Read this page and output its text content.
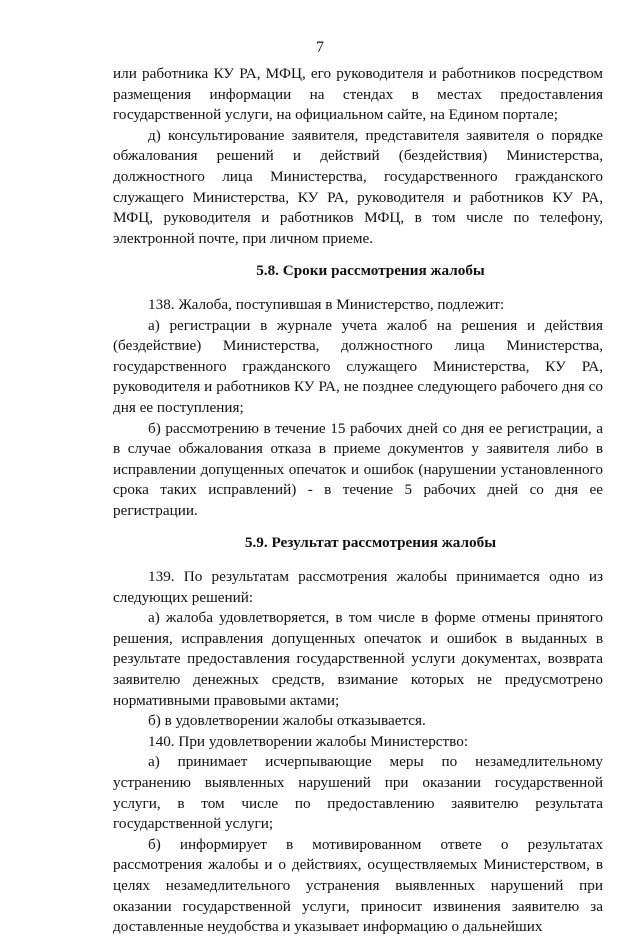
7

или работника КУ РА, МФЦ, его руководителя и работников посредством размещения информации на стендах в местах предоставления государственной услуги, на официальном сайте, на Едином портале;

д) консультирование заявителя, представителя заявителя о порядке обжалования решений и действий (бездействия) Министерства, должностного лица Министерства, государственного гражданского служащего Министерства, КУ РА, руководителя и работников КУ РА, МФЦ, руководителя и работников МФЦ, в том числе по телефону, электронной почте, при личном приеме.

5.8. Сроки рассмотрения жалобы

138. Жалоба, поступившая в Министерство, подлежит:

а) регистрации в журнале учета жалоб на решения и действия (бездействие) Министерства, должностного лица Министерства, государственного гражданского служащего Министерства, КУ РА, руководителя и работников КУ РА, не позднее следующего рабочего дня со дня ее поступления;

б) рассмотрению в течение 15 рабочих дней со дня ее регистрации, а в случае обжалования отказа в приеме документов у заявителя либо в исправлении допущенных опечаток и ошибок (нарушении установленного срока таких исправлений) - в течение 5 рабочих дней со дня ее регистрации.

5.9. Результат рассмотрения жалобы

139. По результатам рассмотрения жалобы принимается одно из следующих решений:

а) жалоба удовлетворяется, в том числе в форме отмены принятого решения, исправления допущенных опечаток и ошибок в выданных в результате предоставления государственной услуги документах, возврата заявителю денежных средств, взимание которых не предусмотрено нормативными правовыми актами;

б) в удовлетворении жалобы отказывается.

140. При удовлетворении жалобы Министерство:

а) принимает исчерпывающие меры по незамедлительному устранению выявленных нарушений при оказании государственной услуги, в том числе по предоставлению заявителю результата государственной услуги;

б) информирует в мотивированном ответе о результатах рассмотрения жалобы и о действиях, осуществляемых Министерством, в целях незамедлительного устранения выявленных нарушений при оказании государственной услуги, приносит извинения заявителю за доставленные неудобства и указывает информацию о дальнейших
